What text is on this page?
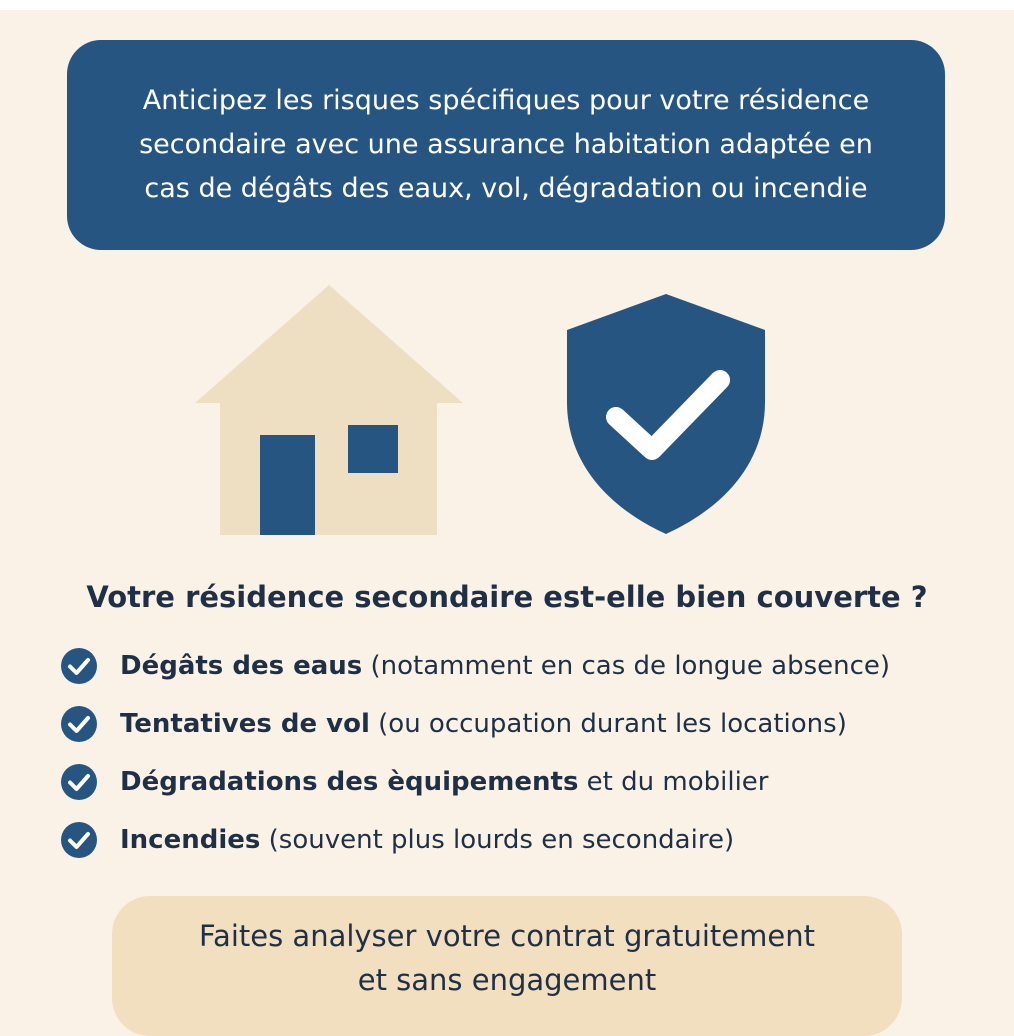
Anticipez les risques spécifiques pour votre résidence secondaire avec une assurance habitation adaptée en cas de dégâts des eaux, vol, dégradation ou incendie

Votre résidence secondaire est-elle bien couverte ?
Dégâts des eaus (notamment en cas de longue absence)
Tentatives de vol (ou occupation durant les locations)
Dégradations des èquipements et du mobilier
Incendies (souvent plus lourds en secondaire)

Faites analyser votre contrat gratuitement et sans engagement
